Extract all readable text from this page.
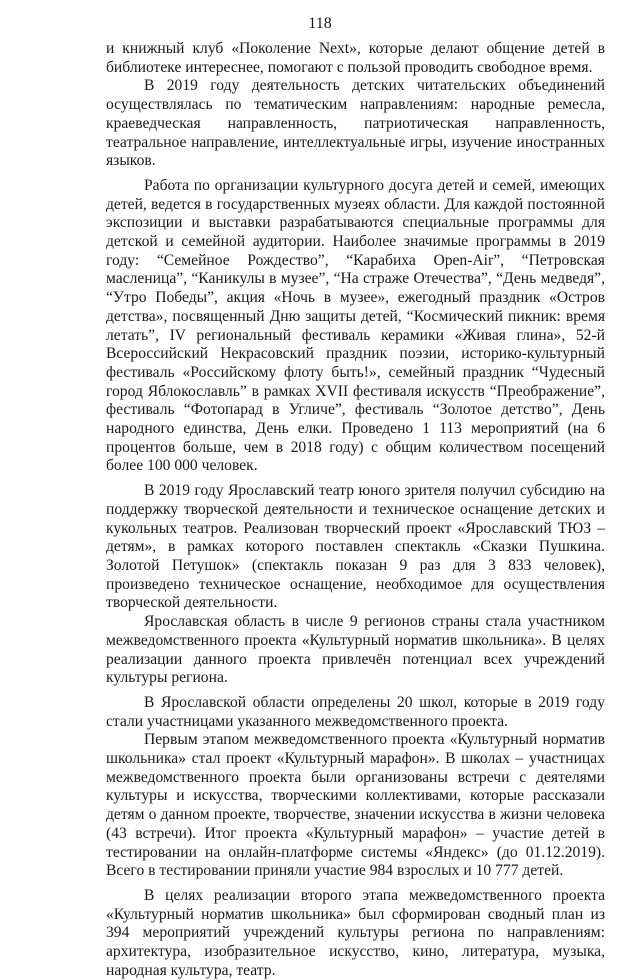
118

и книжный клуб «Поколение Next», которые делают общение детей в библиотеке интереснее, помогают с пользой проводить свободное время.

В 2019 году деятельность детских читательских объединений осуществлялась по тематическим направлениям: народные ремесла, краеведческая направленность, патриотическая направленность, театральное направление, интеллектуальные игры, изучение иностранных языков.

Работа по организации культурного досуга детей и семей, имеющих детей, ведется в государственных музеях области. Для каждой постоянной экспозиции и выставки разрабатываются специальные программы для детской и семейной аудитории. Наиболее значимые программы в 2019 году: “Семейное Рождество”, “Карабиха Open-Air”, “Петровская масленица”, “Каникулы в музее”, “На страже Отечества”, “День медведя”, “Утро Победы”, акция «Ночь в музее», ежегодный праздник «Остров детства», посвященный Дню защиты детей, “Космический пикник: время летать”, IV региональный фестиваль керамики «Живая глина», 52-й Всероссийский Некрасовский праздник поэзии, историко-культурный фестиваль «Российскому флоту быть!», семейный праздник “Чудесный город Яблокославль” в рамках XVII фестиваля искусств “Преображение”, фестиваль “Фотопарад в Угличе”, фестиваль “Золотое детство”, День народного единства, День елки. Проведено 1 113 мероприятий (на 6 процентов больше, чем в 2018 году) с общим количеством посещений более 100 000 человек.

В 2019 году Ярославский театр юного зрителя получил субсидию на поддержку творческой деятельности и техническое оснащение детских и кукольных театров. Реализован творческий проект «Ярославский ТЮЗ – детям», в рамках которого поставлен спектакль «Сказки Пушкина. Золотой Петушок» (спектакль показан 9 раз для 3 833 человек), произведено техническое оснащение, необходимое для осуществления творческой деятельности.

Ярославская область в числе 9 регионов страны стала участником межведомственного проекта «Культурный норматив школьника». В целях реализации данного проекта привлечён потенциал всех учреждений культуры региона.

В Ярославской области определены 20 школ, которые в 2019 году стали участницами указанного межведомственного проекта.

Первым этапом межведомственного проекта «Культурный норматив школьника» стал проект «Культурный марафон». В школах – участницах межведомственного проекта были организованы встречи с деятелями культуры и искусства, творческими коллективами, которые рассказали детям о данном проекте, творчестве, значении искусства в жизни человека (43 встречи). Итог проекта «Культурный марафон» – участие детей в тестировании на онлайн-платформе системы «Яндекс» (до 01.12.2019). Всего в тестировании приняли участие 984 взрослых и 10 777 детей.

В целях реализации второго этапа межведомственного проекта «Культурный норматив школьника» был сформирован сводный план из 394 мероприятий учреждений культуры региона по направлениям: архитектура, изобразительное искусство, кино, литература, музыка, народная культура, театр.
